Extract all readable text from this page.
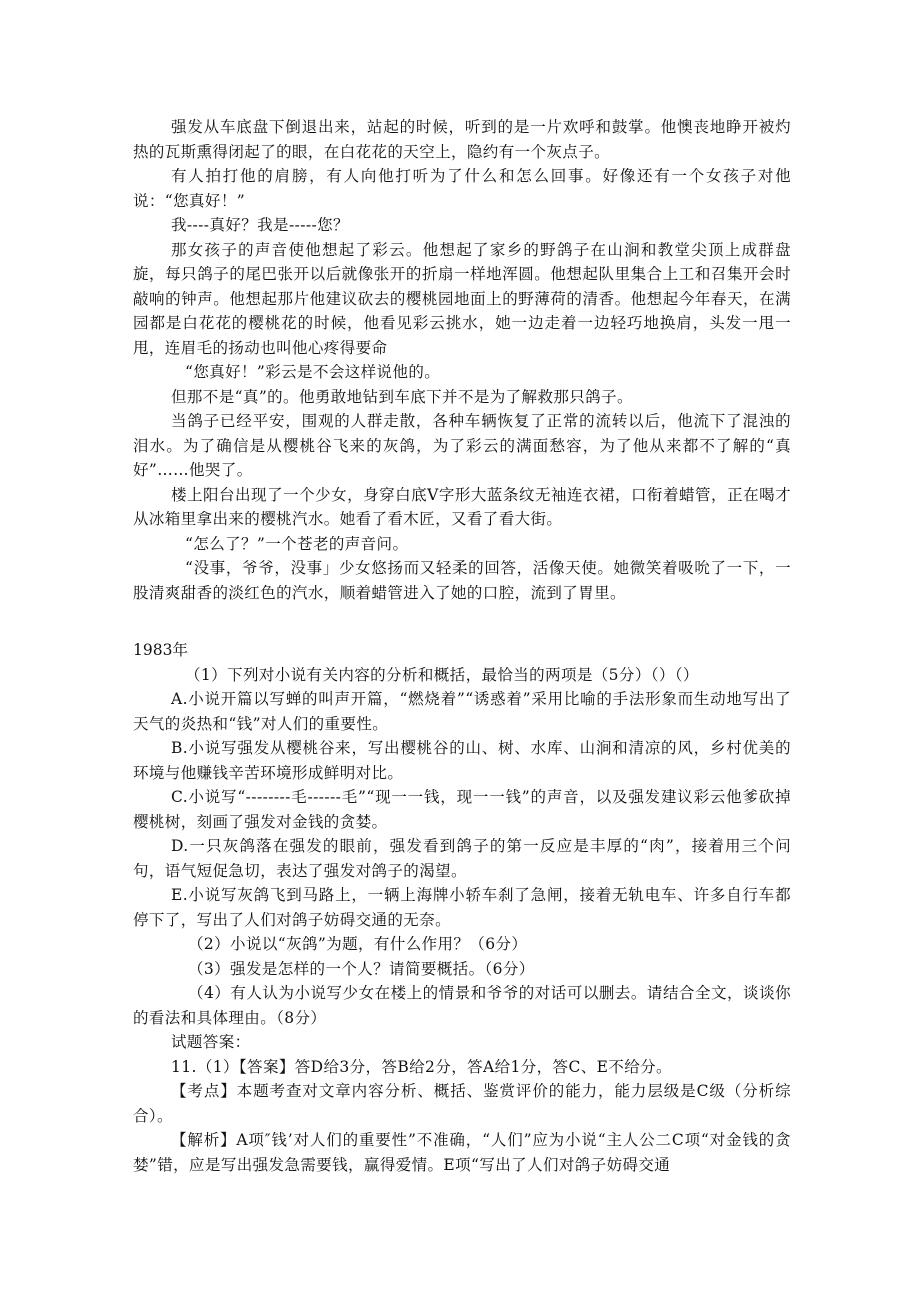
强发从车底盘下倒退出来，站起的时候，听到的是一片欢呼和鼓掌。他懊丧地睁开被灼热的瓦斯熏得闭起了的眼，在白花花的天空上，隐约有一个灰点子。

有人拍打他的肩膀，有人向他打听为了什么和怎么回事。好像还有一个女孩子对他说：“您真好！”

我----真好？我是-----您？

那女孩子的声音使他想起了彩云。他想起了家乡的野鸽子在山涧和教堂尖顶上成群盘旋，每只鸽子的尾巴张开以后就像张开的折扇一样地浑圆。他想起队里集合上工和召集开会时敲响的钟声。他想起那片他建议砍去的樱桃园地面上的野薄荷的清香。他想起今年春天，在满园都是白花花的樱桃花的时候，他看见彩云挑水，她一边走着一边轻巧地换肩，头发一甩一甩，连眉毛的扬动也叫他心疼得要命

“您真好！”彩云是不会这样说他的。

但那不是“真”的。他勇敢地钻到车底下并不是为了解救那只鸽子。

当鸽子已经平安，围观的人群走散，各种车辆恢复了正常的流转以后，他流下了混浊的泪水。为了确信是从樱桃谷飞来的灰鸽，为了彩云的满面愁容，为了他从来都不了解的“真好”……他哭了。

楼上阳台出现了一个少女，身穿白底V字形大蓝条纹无袖连衣裙，口衔着蜡管，正在喝才从冰箱里拿出来的樱桃汽水。她看了看木匠，又看了看大街。

“怎么了？”一个苍老的声音问。

“没事，爷爷，没事」少女悠扬而又轻柔的回答，活像天使。她微笑着吸吮了一下，一股清爽甜香的淡红色的汽水，顺着蜡管进入了她的口腔，流到了胃里。

1983年

（1）下列对小说有关内容的分析和概括，最恰当的两项是（5分）（）（）

A.小说开篇以写蝉的叫声开篇，“燃烧着”“诱惑着”采用比喻的手法形象而生动地写出了天气的炎热和“钱”对人们的重要性。

B.小说写强发从樱桃谷来，写出樱桃谷的山、树、水库、山涧和清凉的风，乡村优美的环境与他赚钱辛苦环境形成鲜明对比。

C.小说写“--------毛------毛”“现一一钱，现一一钱”的声音，以及强发建议彩云他爹砍掉樱桃树，刻画了强发对金钱的贪婪。

D.一只灰鸽落在强发的眼前，强发看到鸽子的第一反应是丰厚的“肉”，接着用三个问句，语气短促急切，表达了强发对鸽子的渴望。

E.小说写灰鸽飞到马路上，一辆上海牌小轿车刹了急闸，接着无轨电车、许多自行车都停下了，写出了人们对鸽子妨碍交通的无奈。

（2）小说以“灰鸽”为题，有什么作用？（6分）

（3）强发是怎样的一个人？请简要概括。（6分）

（4）有人认为小说写少女在楼上的情景和爷爷的对话可以删去。请结合全文，谈谈你的看法和具体理由。（8分）

试题答案：

11.（1）【答案】答D给3分，答B给2分，答A给1分，答C、E不给分。

【考点】本题考查对文章内容分析、概括、鉴赏评价的能力，能力层级是C级（分析综合）。

【解析】A项″钱’对人们的重要性”不准确，“人们”应为小说“主人公二C项“对金钱的贪婪”错，应是写出强发急需要钱，赢得爱情。E项“写出了人们对鸽子妨碍交通
